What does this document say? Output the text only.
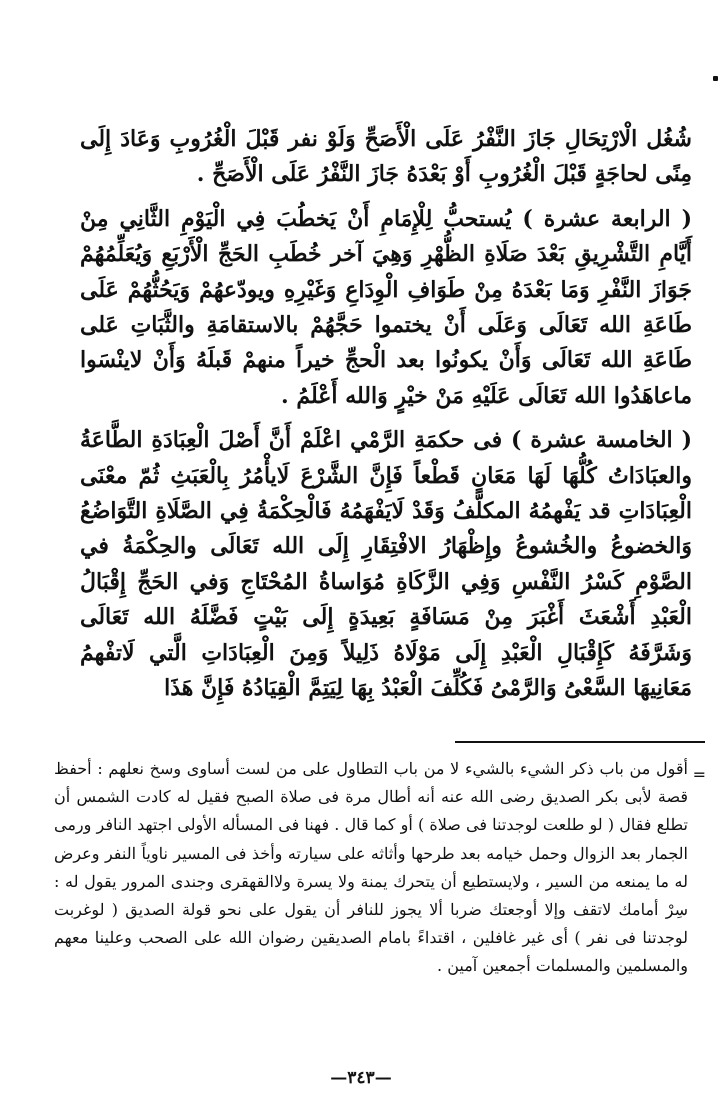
شُغُل الْارْتِحَالِ جَازَ النَّفْرُ عَلَى الْأَصَحِّ وَلَوْ نفر قَبْلَ الْغُرُوبِ وَعَادَ إِلَى مِنًى لحاجَةٍ قَبْلَ الْغُرُوبِ أَوْ بَعْدَهُ جَازَ النَّفْرُ عَلَى الْأَصَحِّ .

( الرابعة عشرة ) يُستحبُّ لِلْإِمَامِ أَنْ يَخطُبَ فِي الْيَوْمِ الثَّانِي مِنْ أَيَّامِ التَّشْرِيقِ بَعْدَ صَلَاةِ الظُّهْرِ وَهِيَ آخر خُطَبِ الحَجِّ الْأَرْبَعِ وَيُعَلِّمُهُمْ جَوَازَ النَّفْرِ وَمَا بَعْدَهُ مِنْ طَوَافِ الْوِدَاعِ وَغَيْرِهِ ويودّعهُمْ وَيَحُثُّهُمْ عَلَى طَاعَةِ الله تَعَالَى وَعَلَى أَنْ يختموا حَجَّهُمْ بالاستقامَةِ والثَّبَاتِ عَلى طَاعَةِ الله تَعَالَى وَأَنْ يكونُوا بعد الْحجِّ خيراً منهمْ قَبلَهُ وَأَنْ لاينْسَوا ماعاهَدُوا الله تَعَالَى عَلَيْهِ مَنْ خيْرٍ وَالله أَعْلَمُ .

( الخامسة عشرة ) فى حكمَةِ الرَّمْي اعْلَمْ أَنَّ أَصْلَ الْعِبَادَةِ الطَّاعَةُ والعبَادَاتُ كُلُّهَا لَهَا مَعَانٍ قَطْعاً فَإِنَّ الشَّرْعَ لَايأْمُرُ بِالْعَبَثِ ثُمّ معْنَى الْعِبَادَاتِ قد يَفْهمُهُ المكلَّفُ وَقَدْ لَايَفْهَمُهُ فَالْحِكْمَةُ فِي الصَّلَاةِ التَّوَاضُعُ وَالخضوعُ والخُشوعُ وإِظْهَارُ الافْتِقَارِ إِلَى الله تَعَالَى والحِكْمَةُ في الصَّوْمِ كَسْرُ النَّفْسِ وَفِي الزَّكَاةِ مُوَاساةُ المُحْتَاجِ وَفي الحَجِّ إِقْبَالُ الْعَبْدِ أَشْعَثَ أَغْبَرَ مِنْ مَسَافَةٍ بَعِيدَةٍ إِلَى بَيْتٍ فَضَّلَهُ الله تَعَالَى وَشَرَّفَهُ كَإِقْبَالِ الْعَبْدِ إِلَى مَوْلَاهُ ذَلِيلاً وَمِنَ الْعِبَادَاتِ الَّتي لَاتفْهمُ مَعَانِيهَا السَّعْىُ وَالرَّمْىُ فَكُلِّفَ الْعَبْدُ بِهَا لِيَتِمَّ الْقِيَادُهُ فَإِنَّ هَذَا

=
أقول من باب ذكر الشيء بالشيء لا من باب التطاول على من لست أساوى وسخ نعلهم : أحفظ قصة لأبى بكر الصديق رضى الله عنه أنه أطال مرة فى صلاة الصبح فقيل له كادت الشمس أن تطلع فقال ( لو طلعت لوجدتنا فى صلاة ) أو كما قال . فهنا فى المسأله الأولى اجتهد النافر ورمى الجمار بعد الزوال وحمل خيامه بعد طرحها وأثاثه على سيارته وأخذ فى المسير ناوياً النفر وعرض له ما يمنعه من السير ، ولايستطيع أن يتحرك يمنة ولا يسرة ولاالقهقرى وجندى المرور يقول له : سِرْ أمامك لاتقف وإلا أوجعتك ضربا ألا يجوز للنافر أن يقول على نحو قولة الصديق ( لوغربت لوجدتنا فى نفر ) أى غير غافلين ، اقتداءً بامام الصديقين رضوان الله على الصحب وعلينا معهم والمسلمين والمسلمات أجمعين آمين .
—٣٤٣—
